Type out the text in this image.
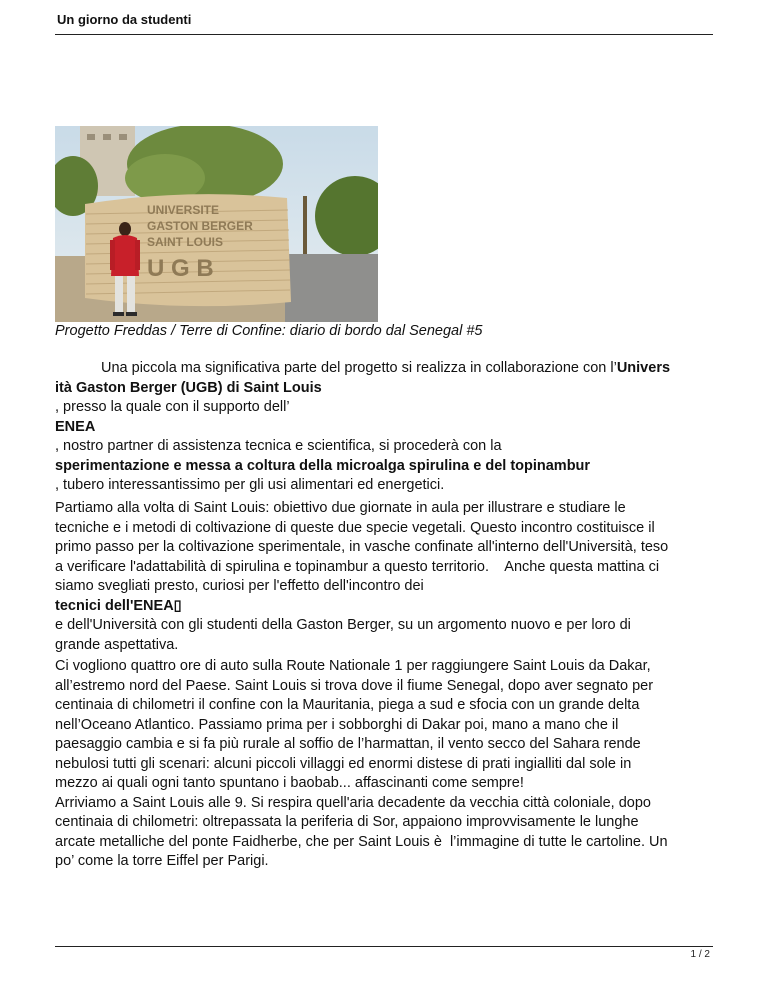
Un giorno da studenti
UNIVERSITE
GASTON BERGER
SAINT LOUIS
U G B
Progetto Freddas / Terre di Confine: diario di bordo dal Senegal #5
Una piccola ma significativa parte del progetto si realizza in collaborazione con l’Univers
ità Gaston Berger (UGB) di Saint Louis
, presso la quale con il supporto dell’
ENEA
, nostro partner di assistenza tecnica e scientifica, si procederà con la
sperimentazione e messa a coltura della microalga spirulina e del topinambur
, tubero interessantissimo per gli usi alimentari ed energetici.
Partiamo alla volta di Saint Louis: obiettivo due giornate in aula per illustrare e studiare le
tecniche e i metodi di coltivazione di queste due specie vegetali. Questo incontro costituisce il
primo passo per la coltivazione sperimentale, in vasche confinate all'interno dell'Università, teso
a verificare l'adattabilità di spirulina e topinambur a questo territorio.    Anche questa mattina ci
siamo svegliati presto, curiosi per l'effetto dell'incontro dei
tecnici dell'ENEA▯
e dell'Università con gli studenti della Gaston Berger, su un argomento nuovo e per loro di
grande aspettativa.
Ci vogliono quattro ore di auto sulla Route Nationale 1 per raggiungere Saint Louis da Dakar,
all’estremo nord del Paese. Saint Louis si trova dove il fiume Senegal, dopo aver segnato per
centinaia di chilometri il confine con la Mauritania, piega a sud e sfocia con un grande delta
nell’Oceano Atlantico. Passiamo prima per i sobborghi di Dakar poi, mano a mano che il
paesaggio cambia e si fa più rurale al soffio de l’harmattan, il vento secco del Sahara rende
nebulosi tutti gli scenari: alcuni piccoli villaggi ed enormi distese di prati ingialliti dal sole in
mezzo ai quali ogni tanto spuntano i baobab... affascinanti come sempre!
Arriviamo a Saint Louis alle 9. Si respira quell'aria decadente da vecchia città coloniale, dopo
centinaia di chilometri: oltrepassata la periferia di Sor, appaiono improvvisamente le lunghe
arcate metalliche del ponte Faidherbe, che per Saint Louis è  l’immagine di tutte le cartoline. Un
po’ come la torre Eiffel per Parigi.
1 / 2
